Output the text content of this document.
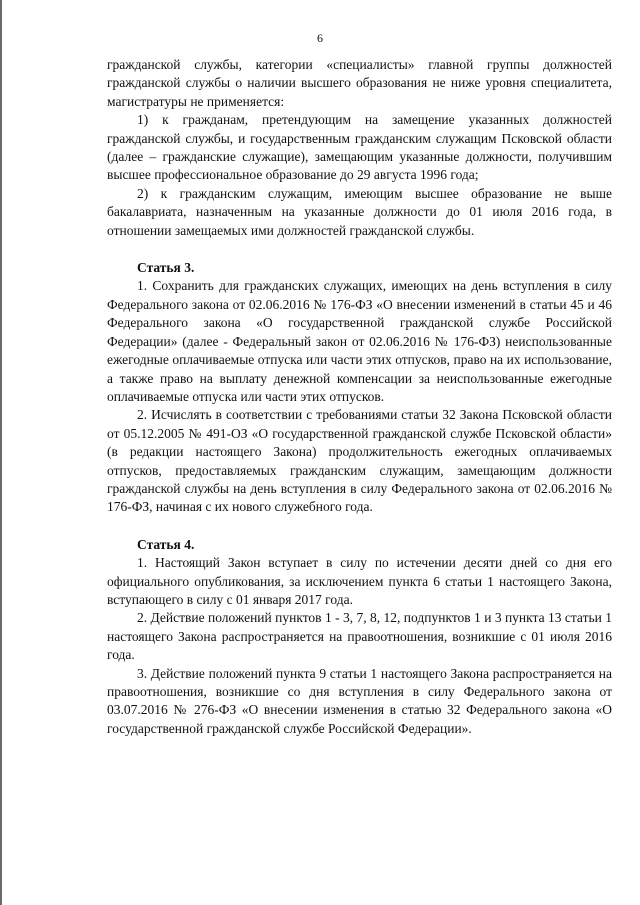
6

гражданской службы, категории «специалисты» главной группы должностей гражданской службы о наличии высшего образования не ниже уровня специалитета, магистратуры не применяется:

1) к гражданам, претендующим на замещение указанных должностей гражданской службы, и государственным гражданским служащим Псковской области (далее – гражданские служащие), замещающим указанные должности, получившим высшее профессиональное образование до 29 августа 1996 года;

2) к гражданским служащим, имеющим высшее образование не выше бакалавриата, назначенным на указанные должности до 01 июля 2016 года, в отношении замещаемых ими должностей гражданской службы.

Статья 3.

1. Сохранить для гражданских служащих, имеющих на день вступления в силу Федерального закона от 02.06.2016 № 176-ФЗ «О внесении изменений в статьи 45 и 46 Федерального закона «О государственной гражданской службе Российской Федерации» (далее - Федеральный закон от 02.06.2016 № 176-ФЗ) неиспользованные ежегодные оплачиваемые отпуска или части этих отпусков, право на их использование, а также право на выплату денежной компенсации за неиспользованные ежегодные оплачиваемые отпуска или части этих отпусков.

2. Исчислять в соответствии с требованиями статьи 32 Закона Псковской области от 05.12.2005 № 491-ОЗ «О государственной гражданской службе Псковской области» (в редакции настоящего Закона) продолжительность ежегодных оплачиваемых отпусков, предоставляемых гражданским служащим, замещающим должности гражданской службы на день вступления в силу Федерального закона от 02.06.2016 № 176-ФЗ, начиная с их нового служебного года.

Статья 4.

1. Настоящий Закон вступает в силу по истечении десяти дней со дня его официального опубликования, за исключением пункта 6 статьи 1 настоящего Закона, вступающего в силу с 01 января 2017 года.

2. Действие положений пунктов 1 - 3, 7, 8, 12, подпунктов 1 и 3 пункта 13 статьи 1 настоящего Закона распространяется на правоотношения, возникшие с 01 июля 2016 года.

3. Действие положений пункта 9 статьи 1 настоящего Закона распространяется на правоотношения, возникшие со дня вступления в силу Федерального закона от 03.07.2016 № 276-ФЗ «О внесении изменения в статью 32 Федерального закона «О государственной гражданской службе Российской Федерации».
